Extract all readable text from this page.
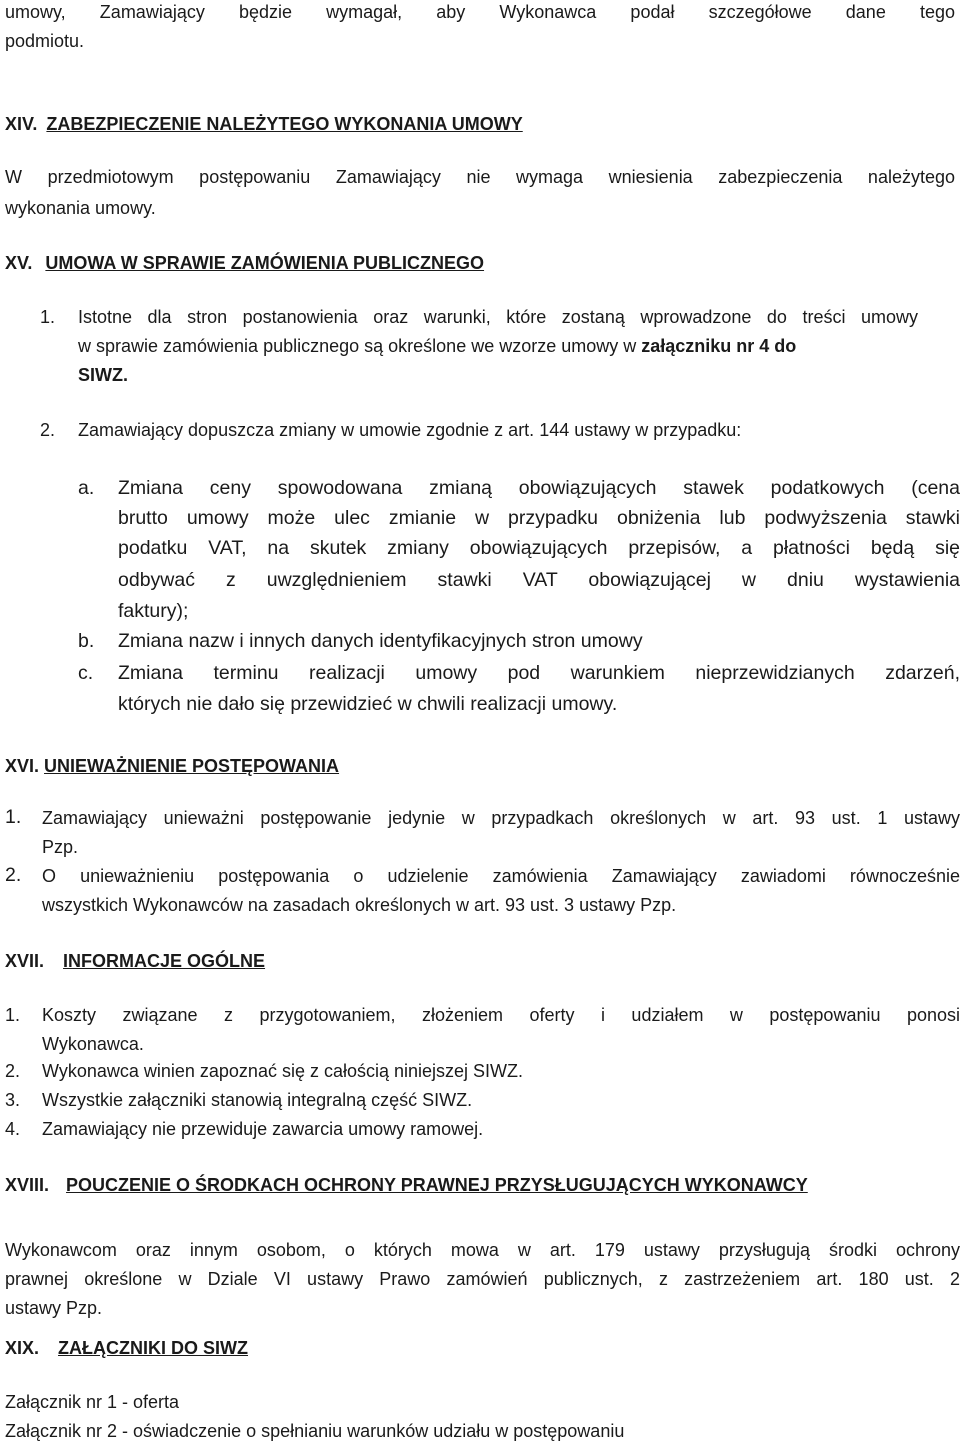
umowy, Zamawiający będzie wymagał, aby Wykonawca podał szczegółowe dane tego
podmiotu.
XIV. ZABEZPIECZENIE NALEŻYTEGO WYKONANIA UMOWY
W przedmiotowym postępowaniu Zamawiający nie wymaga wniesienia zabezpieczenia należytego
wykonania umowy.
XV. UMOWA W SPRAWIE ZAMÓWIENIA PUBLICZNEGO
1. Istotne dla stron postanowienia oraz warunki, które zostaną wprowadzone do treści umowy
w sprawie zamówienia publicznego są określone we wzorze umowy w załączniku nr 4 do
SIWZ.
2. Zamawiający dopuszcza zmiany w umowie zgodnie z art. 144 ustawy w przypadku:
a. Zmiana ceny spowodowana zmianą obowiązujących stawek podatkowych (cena
brutto umowy może ulec zmianie w przypadku obniżenia lub podwyższenia stawki
podatku VAT, na skutek zmiany obowiązujących przepisów, a płatności będą się
odbywać z uwzględnieniem stawki VAT obowiązującej w dniu wystawienia
faktury);
b. Zmiana nazw i innych danych identyfikacyjnych stron umowy
c. Zmiana terminu realizacji umowy pod warunkiem nieprzewidzianych zdarzeń,
których nie dało się przewidzieć w chwili realizacji umowy.
XVI. UNIEWAŻNIENIE POSTĘPOWANIA
1. Zamawiający unieważni postępowanie jedynie w przypadkach określonych w art. 93 ust. 1 ustawy
Pzp.
2. O unieważnieniu postępowania o udzielenie zamówienia Zamawiający zawiadomi równocześnie
wszystkich Wykonawców na zasadach określonych w art. 93 ust. 3 ustawy Pzp.
XVII. INFORMACJE OGÓLNE
1. Koszty związane z przygotowaniem, złożeniem oferty i udziałem w postępowaniu ponosi
Wykonawca.
2. Wykonawca winien zapoznać się z całością niniejszej SIWZ.
3. Wszystkie załączniki stanowią integralną część SIWZ.
4. Zamawiający nie przewiduje zawarcia umowy ramowej.
XVIII. POUCZENIE O ŚRODKACH OCHRONY PRAWNEJ PRZYSŁUGUJĄCYCH WYKONAWCY
Wykonawcom oraz innym osobom, o których mowa w art. 179 ustawy przysługują środki ochrony
prawnej określone w Dziale VI ustawy Prawo zamówień publicznych, z zastrzeżeniem art. 180 ust. 2
ustawy Pzp.
XIX. ZAŁĄCZNIKI DO SIWZ
Załącznik nr 1 - oferta
Załącznik nr 2 - oświadczenie o spełnianiu warunków udziału w postępowaniu
